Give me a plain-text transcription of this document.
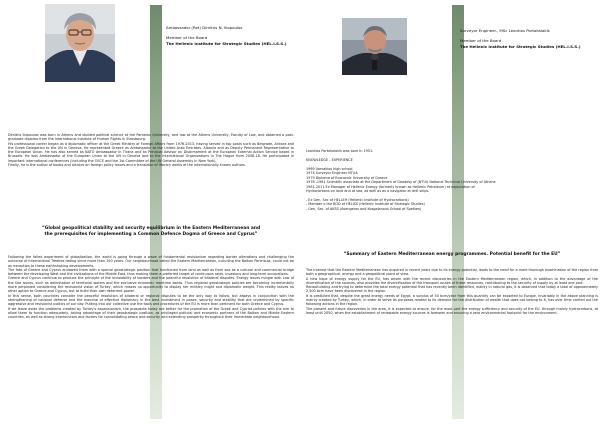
Ambassador (Ret) Dimitris N. Iliopoulos
Member of the Board
The Hellenic Institute for Strategic Studies (HEL.I.S.S.)

Dimitris Iliopoulos was born in Athens and studied political science at the Panteion University, and law at the Athens University, Faculty of Law, and obtained a post-graduate diploma from the International Institute of Human Rights in Strasbourg.

His professional career began as a diplomatic officer at the Greek Ministry of Foreign Affairs from 1976-2013, having served in top posts such as Belgrade, Ankara and the Greek Delegation to the UN in Geneva. He represented Greece as Ambassador to the United Arab Emirates, Albania and as Deputy Permanent Representative to the European Union. He has also served as NATO Ambassador in Tirana and as Principal Advisor on Disarmament at the European External Action Service based in Brussels. He was Ambassador of the European Union to the UN in Geneva and to the International Organizations in The Hague from 2008-18. He participated in important international conferences (including the OSCE and the 1st Committee of the UN General Assembly in New York).

Finally, he is the author of books and articles on foreign policy issues and a translator of literary works of the internationally known authors.

“Global geopolitical stability and security equilibrium in the Eastern Mediterranean and
the prerequisites for implementing a Common Defence Dogma of Greece and Cyprus”

Following the failed experiment of globalization, the world is going through a wave of fundamental revisionism regarding border alterations and challenging the outcome of international Treaties dating since more than 100 years. Our neighbourhood called the Eastern Mediterranean, including the Balkan Peninsula, could not be an exception to these earthshaking developments.

The fate of Greece and Cyprus endowed them with a special geostrategic position that functioned from land as well as from sea as a cultural and commercial bridge between the developing West and the civilizations of the Middle East, thus making them a preferred target of continuous raids, invasions and long-term occupations.

Greece and Cyprus continue to produce the principle of the inviolability of borders and the peaceful resolution of bilateral disputes. Energy issues mingle with Law of the Sea issues, such as delimitation of territorial waters and the exclusive economic maritime zones. Thus regional geostrategic policies are becoming incrementally more perplexed considering the revisionist vision of Turkey, which misses no opportunity to display her military might and diplomatic weight. This reality leaves no other option to Greece and Cyprus, but to build their own deterrent power.

In this sense, both countries consider the peaceful resolution of bilateral or regional disputes to be the only way to follow, but always in conjunction with the strengthening of national defense and the exercise of effective diplomacy in the best investment in peace, security and stability that are undermined by specific aggressive and revisionist politics of our day. Putting into our collective use the tools and procedures of the EU is more than pertinent for both Greece and Cyprus.

If we leave aside the problems created by Turkey's expansionism, the prospects today are better for the promotion of the Greek and Cypriot policies with the aim to allow them to function adequately, taking advantage of their geostrategic position, as privileged political and economic partners of the Balkan and Middle Eastern countries, as well as strong interlocutors and factors for consolidating peace and security and extending prosperity throughout their immediate neighbourhood.

Surveyor Engineer., MSc Leontios Portokalakis
Member of the Board
The Hellenic Institute for Strategic Studies (HEL.I.S.S.)
Leontios Portokalakis was born in 1951.
KNOWLEDGE - EXPERIENCE
1969 Varvakios high school
1974 Surveyor Engineer NTUA
1979 Diploma of Economic University of Greece
1978 -1981 Scientific associate at the Department of Geodesy of (NTUI) National Technical University of Athens
1981-2011 Ex Manager of Hellenic Energy (formerly known as Hellenic Petroleum) at exploration of
Hydrocarbons on land and at sea, as well as as a navigator at drill ships.
- Ex Gen. Sec of HELLEH (Hellenic Institute of Hydrocarbons)
- Member o the BOD of HELISS (Hellenic Institute of Strategic Studies)
- Gen, Sec. of AKSS (Avengeros and Kosgalanous School of Spetses)
“Summary of Eastern Mediterranean energy programmes. Potential benefit for the EU”

The interest that the Eastern Mediterranean has acquired in recent years due to its energy potential, leads to the need for a more thorough examination of the region from both a geographical, energy and a geopolitical point of view.

A new hope of energy supply for the EU, has arisen with the recent discoveries in the Eastern Mediterranean region, which, in addition to the advantage of the diversification of the sources, also provides the diversification of the transport routes of these resources, contributing to the security of supply by at least one part.

Recapitulating and trying to determine the total energy potential that has recently been identified, mainly in natural gas, it is observed that today a total of approximately 2,500 bcm have been discovered in the region.

It is predicted that, despite the great energy needs of Egypt, a surplus of 50 bcm/year from this quantity can be exported to Europe, Invariably in the above planning is mainly created by Turkey, which, in order to serve its purposes related to its demand for the distribution of wealth that does not belong to it, has over time carried out the following actions in the region.

The present and future discoveries in the area, it is expected to ensure, for the most part the energy sufficiency and security of the EU, through mainly hydrocarbons, at least until 2050, when the establishment of renewable energy sources is foreseen and ensuring a zero environmental footprint for the environment.
